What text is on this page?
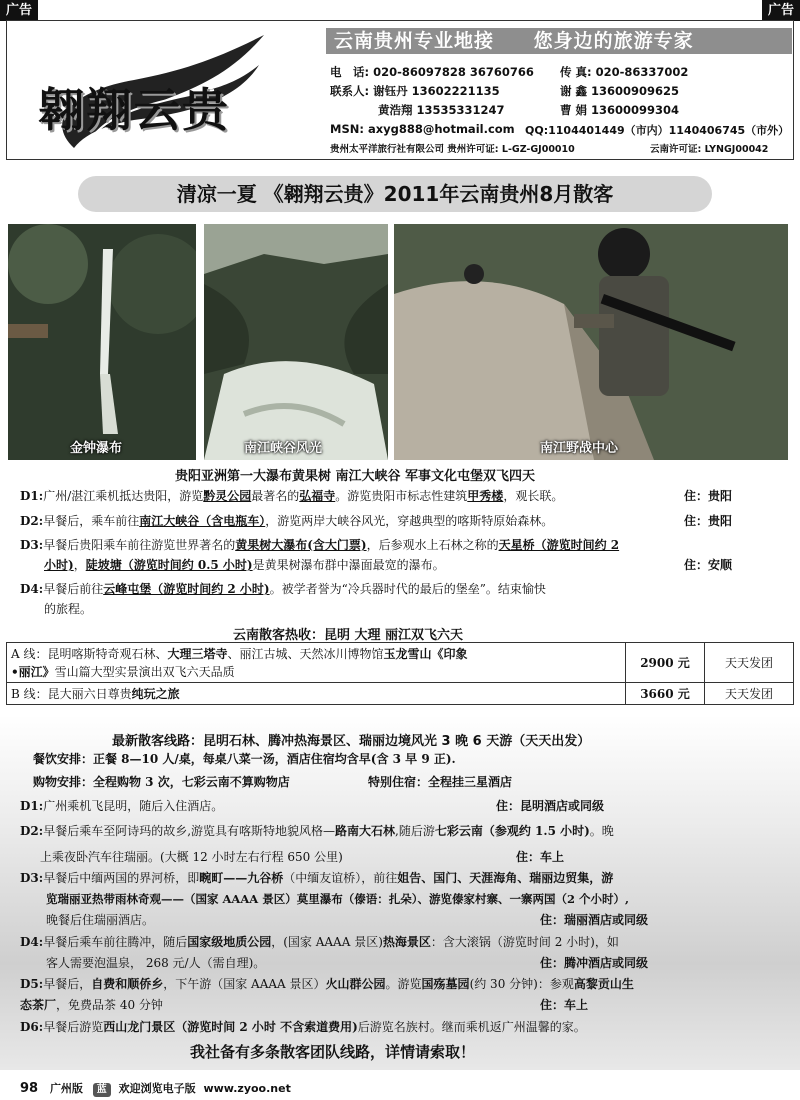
广告	广告
翱翔云贵
云南贵州专业地接 您身边的旅游专家
电　话: 020-86097828 36760766 传 真: 020-86337002
联系人: 谢钰丹 13602221135	谢 鑫 13600909625
黄浩翔 13535331247	曹 娟 13600099304
MSN: axyg888@hotmail.com QQ:1104401449（市内）1140406745（市外）
贵州太平洋旅行社有限公司 贵州许可证: L-GZ-GJ00010	云南许可证: LYNGJ00042
清凉一夏 《翱翔云贵》2011年云南贵州8月散客
金钟瀑布	南江峡谷风光	南江野战中心
贵阳亚洲第一大瀑布黄果树 南江大峡谷 军事文化屯堡双飞四天
D1:广州/湛江乘机抵达贵阳，游览黔灵公园最著名的弘福寺。游览贵阳市标志性建筑甲秀楼，观长联。	住：贵阳
D2:早餐后，乘车前往南江大峡谷（含电瓶车），游览两岸大峡谷风光，穿越典型的喀斯特原始森林。	住：贵阳
D3:早餐后贵阳乘车前往游览世界著名的黄果树大瀑布(含大门票)，后参观水上石林之称的天星桥（游览时间约 2
小时)，陡坡塘（游览时间约 0.5 小时)是黄果树瀑布群中瀑面最宽的瀑布。	住：安顺
D4:早餐后前往云峰屯堡（游览时间约 2 小时)。被学者誉为“冷兵器时代的最后的堡垒”。结束愉快
的旅程。
云南散客热收：昆明 大理 丽江双飞六天
A 线：昆明喀斯特奇观石林、大理三塔寺、丽江古城、天然冰川博物馆玉龙雪山《印象
•丽江》雪山篇大型实景演出双飞六天品质	2900 元	天天发团
B 线：昆大丽六日尊贵纯玩之旅	3660 元	天天发团
最新散客线路：昆明石林、腾冲热海景区、瑞丽边境风光 3 晚 6 天游（天天出发）
餐饮安排：正餐 8—10 人/桌，每桌八菜一汤，酒店住宿均含早(含 3 早 9 正).
购物安排：全程购物 3 次，七彩云南不算购物店	特别住宿：全程挂三星酒店
D1:广州乘机飞昆明，随后入住酒店。	住：昆明酒店或同级
D2:早餐后乘车至阿诗玛的故乡,游览具有喀斯特地貌风格—路南大石林,随后游七彩云南（参观约 1.5 小时)。晚
上乘夜卧汽车往瑞丽。(大概 12 小时左右行程 650 公里)	住：车上
D3:早餐后中缅两国的界河桥，即畹町——九谷桥（中缅友谊桥），前往姐告、国门、天涯海角、瑞丽边贸集，游
览瑞丽亚热带雨林奇观——（国家 AAAA 景区）莫里瀑布（傣语：扎朵）、游览傣家村寨、一寨两国（2 个小时）,
晚餐后住瑞丽酒店。	住：瑞丽酒店或同级
D4:早餐后乘车前往腾冲，随后国家级地质公园，(国家 AAAA 景区)热海景区：含大滚锅（游览时间 2 小时)，如
客人需要泡温泉， 268 元/人（需自理)。	住：腾冲酒店或同级
D5:早餐后，自费和顺侨乡，下午游（国家 AAAA 景区）火山群公园。游览国殇墓园(约 30 分钟)：参观高黎贡山生
态茶厂，免费品茶 40 分钟	住：车上
D6:早餐后游览西山龙门景区（游览时间 2 小时 不含索道费用)后游览名族村。继而乘机返广州温馨的家。
我社备有多条散客团队线路，详情请索取！
98 广州版 蓝 欢迎浏览电子版 www.zyoo.net
